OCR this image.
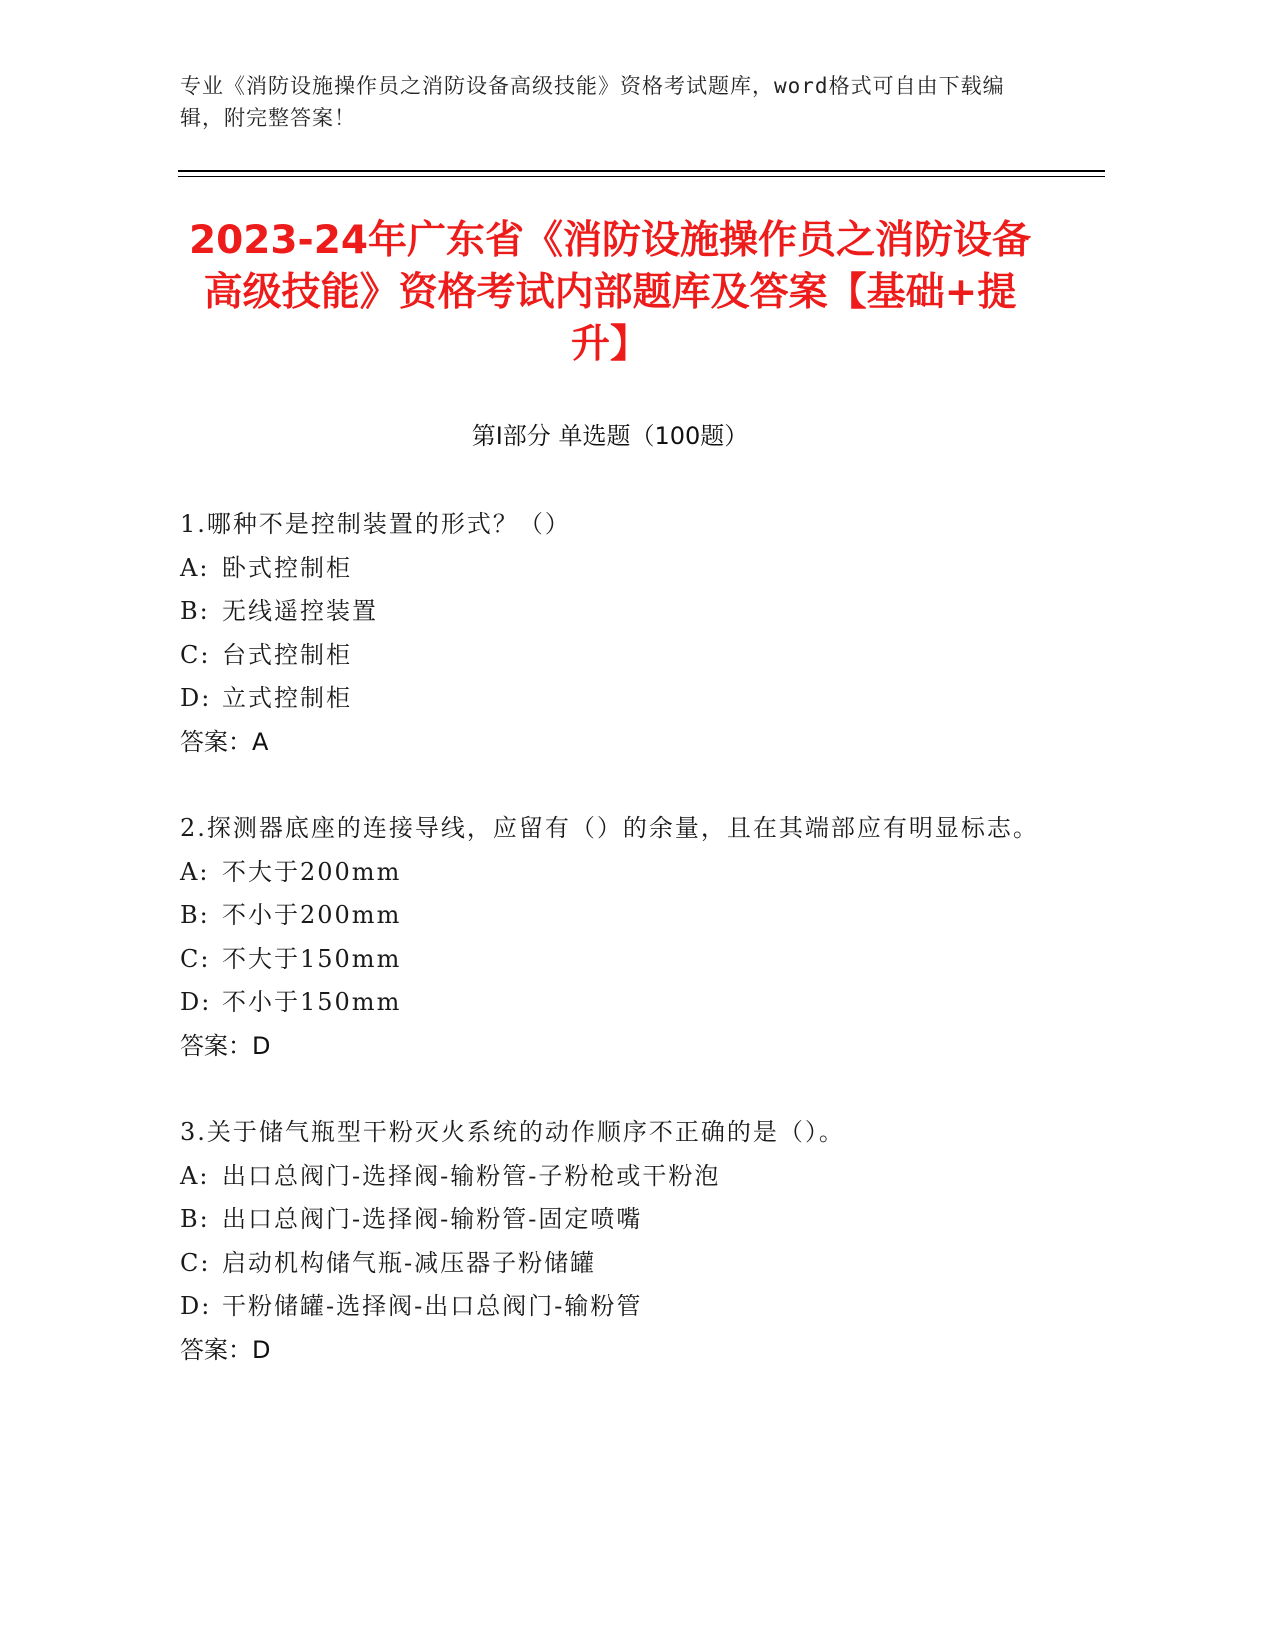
专业《消防设施操作员之消防设备高级技能》资格考试题库，word格式可自由下载编辑，附完整答案！
2023-24年广东省《消防设施操作员之消防设备高级技能》资格考试内部题库及答案【基础+提升】
第Ⅰ部分 单选题（100题）

1.哪种不是控制装置的形式？（）

A: 卧式控制柜

B: 无线遥控装置

C: 台式控制柜

D: 立式控制柜

答案：A

2.探测器底座的连接导线，应留有（）的余量，且在其端部应有明显标志。

A: 不大于200mm

B: 不小于200mm

C: 不大于150mm

D: 不小于150mm

答案：D

3.关于储气瓶型干粉灭火系统的动作顺序不正确的是（）。

A: 出口总阀门-选择阀-输粉管-子粉枪或干粉泡

B: 出口总阀门-选择阀-输粉管-固定喷嘴

C: 启动机构储气瓶-减压器子粉储罐

D: 干粉储罐-选择阀-出口总阀门-输粉管

答案：D
